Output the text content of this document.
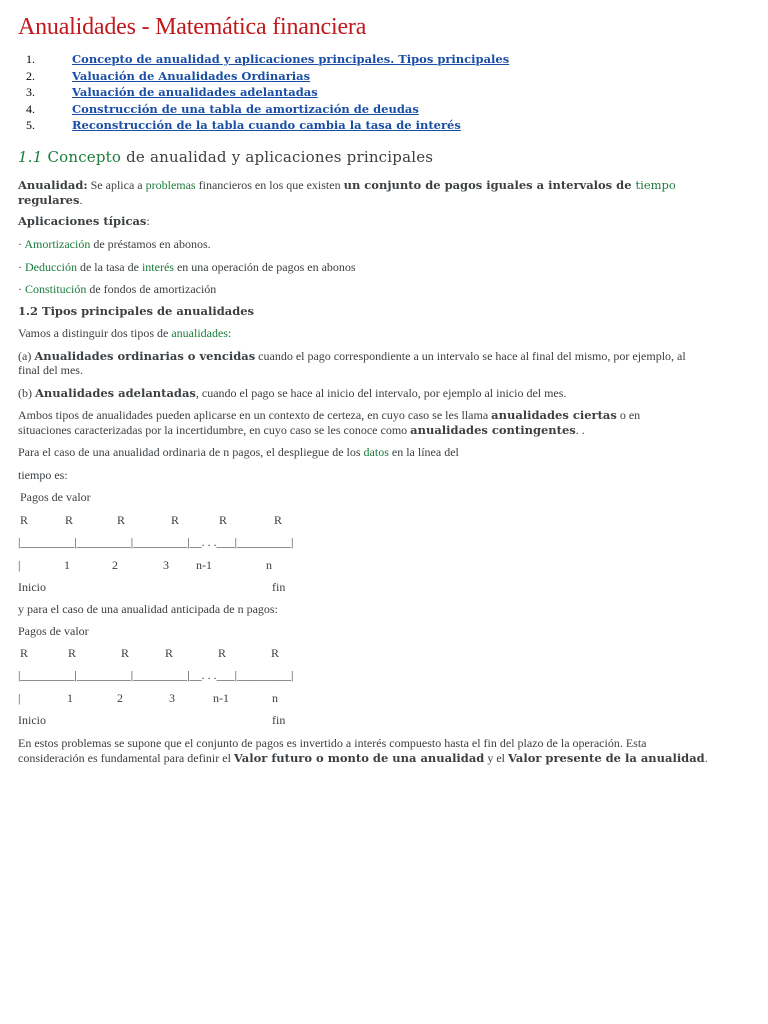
Anualidades - Matemática financiera
1.	Concepto de anualidad y aplicaciones principales. Tipos principales
2.	Valuación de Anualidades Ordinarias
3.	Valuación de anualidades adelantadas
4.	Construcción de una tabla de amortización de deudas
5.	Reconstrucción de la tabla cuando cambia la tasa de interés
1.1 Concepto de anualidad y aplicaciones principales
Anualidad: Se aplica a problemas financieros en los que existen un conjunto de pagos iguales a intervalos de tiempo
regulares.
Aplicaciones típicas:
· Amortización de préstamos en abonos.
· Deducción de la tasa de interés en una operación de pagos en abonos
· Constitución de fondos de amortización
1.2 Tipos principales de anualidades
Vamos a distinguir dos tipos de anualidades:
(a) Anualidades ordinarias o vencidas cuando el pago correspondiente a un intervalo se hace al final del mismo, por ejemplo, al
final del mes.
(b) Anualidades adelantadas, cuando el pago se hace al inicio del intervalo, por ejemplo al inicio del mes.
Ambos tipos de anualidades pueden aplicarse en un contexto de certeza, en cuyo caso se les llama anualidades ciertas o en
situaciones caracterizadas por la incertidumbre, en cuyo caso se les conoce como anualidades contingentes. .
Para el caso de una anualidad ordinaria de n pagos, el despliegue de los datos en la línea del
tiempo es:
Pagos de valor
R	R	R	R	R	R
|_________|_________|_________|__. . .___|_________|
|	1	2	3 n-1	n
Inicio	fin
y para el caso de una anualidad anticipada de n pagos:
Pagos de valor
R	R	R	R	R	R
|_________|_________|_________|__. . .___|_________|
|	1	2	3	n-1	n
Inicio	fin
En estos problemas se supone que el conjunto de pagos es invertido a interés compuesto hasta el fin del plazo de la operación. Esta
consideración es fundamental para definir el Valor futuro o monto de una anualidad y el Valor presente de la anualidad.
